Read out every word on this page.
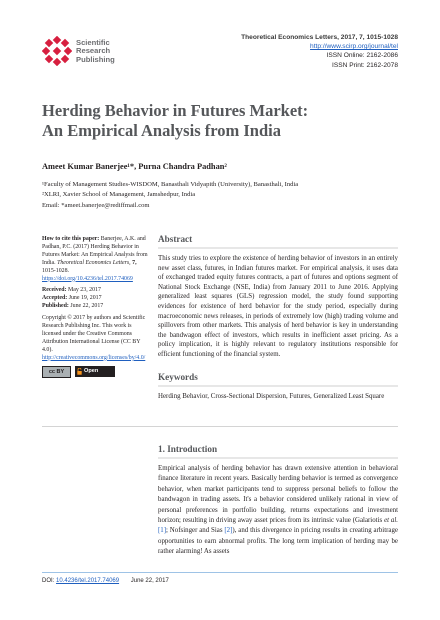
Scientific
Research
Publishing
Theoretical Economics Letters, 2017, 7, 1015-1028
http://www.scirp.org/journal/tel
ISSN Online: 2162-2086
ISSN Print: 2162-2078
Herding Behavior in Futures Market:
An Empirical Analysis from India
Ameet Kumar Banerjee¹*, Purna Chandra Padhan²
¹Faculty of Management Studies-WISDOM, Banasthali Vidyapith (University), Banasthali, India
²XLRI, Xavier School of Management, Jamshedpur, India
Email: *ameet.banerjee@rediffmail.com
How to cite this paper: Banerjee, A.K. and Padhan, P.C. (2017) Herding Behavior in Futures Market: An Empirical Analysis from India. Theoretical Economics Letters, 7, 1015-1028.
https://doi.org/10.4236/tel.2017.74069
Received: May 23, 2017
Accepted: June 19, 2017
Published: June 22, 2017
Copyright © 2017 by authors and Scientific Research Publishing Inc. This work is licensed under the Creative Commons Attribution International License (CC BY 4.0).
http://creativecommons.org/licenses/by/4.0/
cc BY	Open Access
Abstract
This study tries to explore the existence of herding behavior of investors in an entirely new asset class, futures, in Indian futures market. For empirical analysis, it uses data of exchanged traded equity futures contracts, a part of futures and options segment of National Stock Exchange (NSE, India) from January 2011 to June 2016. Applying generalized least squares (GLS) regression model, the study found supporting evidences for existence of herd behavior for the study period, especially during macroeconomic news releases, in periods of extremely low (high) trading volume and spillovers from other markets. This analysis of herd behavior is key in understanding the bandwagon effect of investors, which results in inefficient asset pricing. As a policy implication, it is highly relevant to regulatory institutions responsible for efficient functioning of the financial system.
Keywords
Herding Behavior, Cross-Sectional Dispersion, Futures, Generalized Least Square
1. Introduction
Empirical analysis of herding behavior has drawn extensive attention in behavioral finance literature in recent years. Basically herding behavior is termed as convergence behavior, when market participants tend to suppress personal beliefs to follow the bandwagon in trading assets. It's a behavior considered unlikely rational in view of personal preferences in portfolio building, returns expectations and investment horizon; resulting in driving away asset prices from its intrinsic value (Galariotis et al. [1]; Nofsinger and Sias [2]), and this divergence in pricing results in creating arbitrage opportunities to earn abnormal profits. The long term implication of herding may be rather alarming! As assets
DOI: 10.4236/tel.2017.74069 June 22, 2017
